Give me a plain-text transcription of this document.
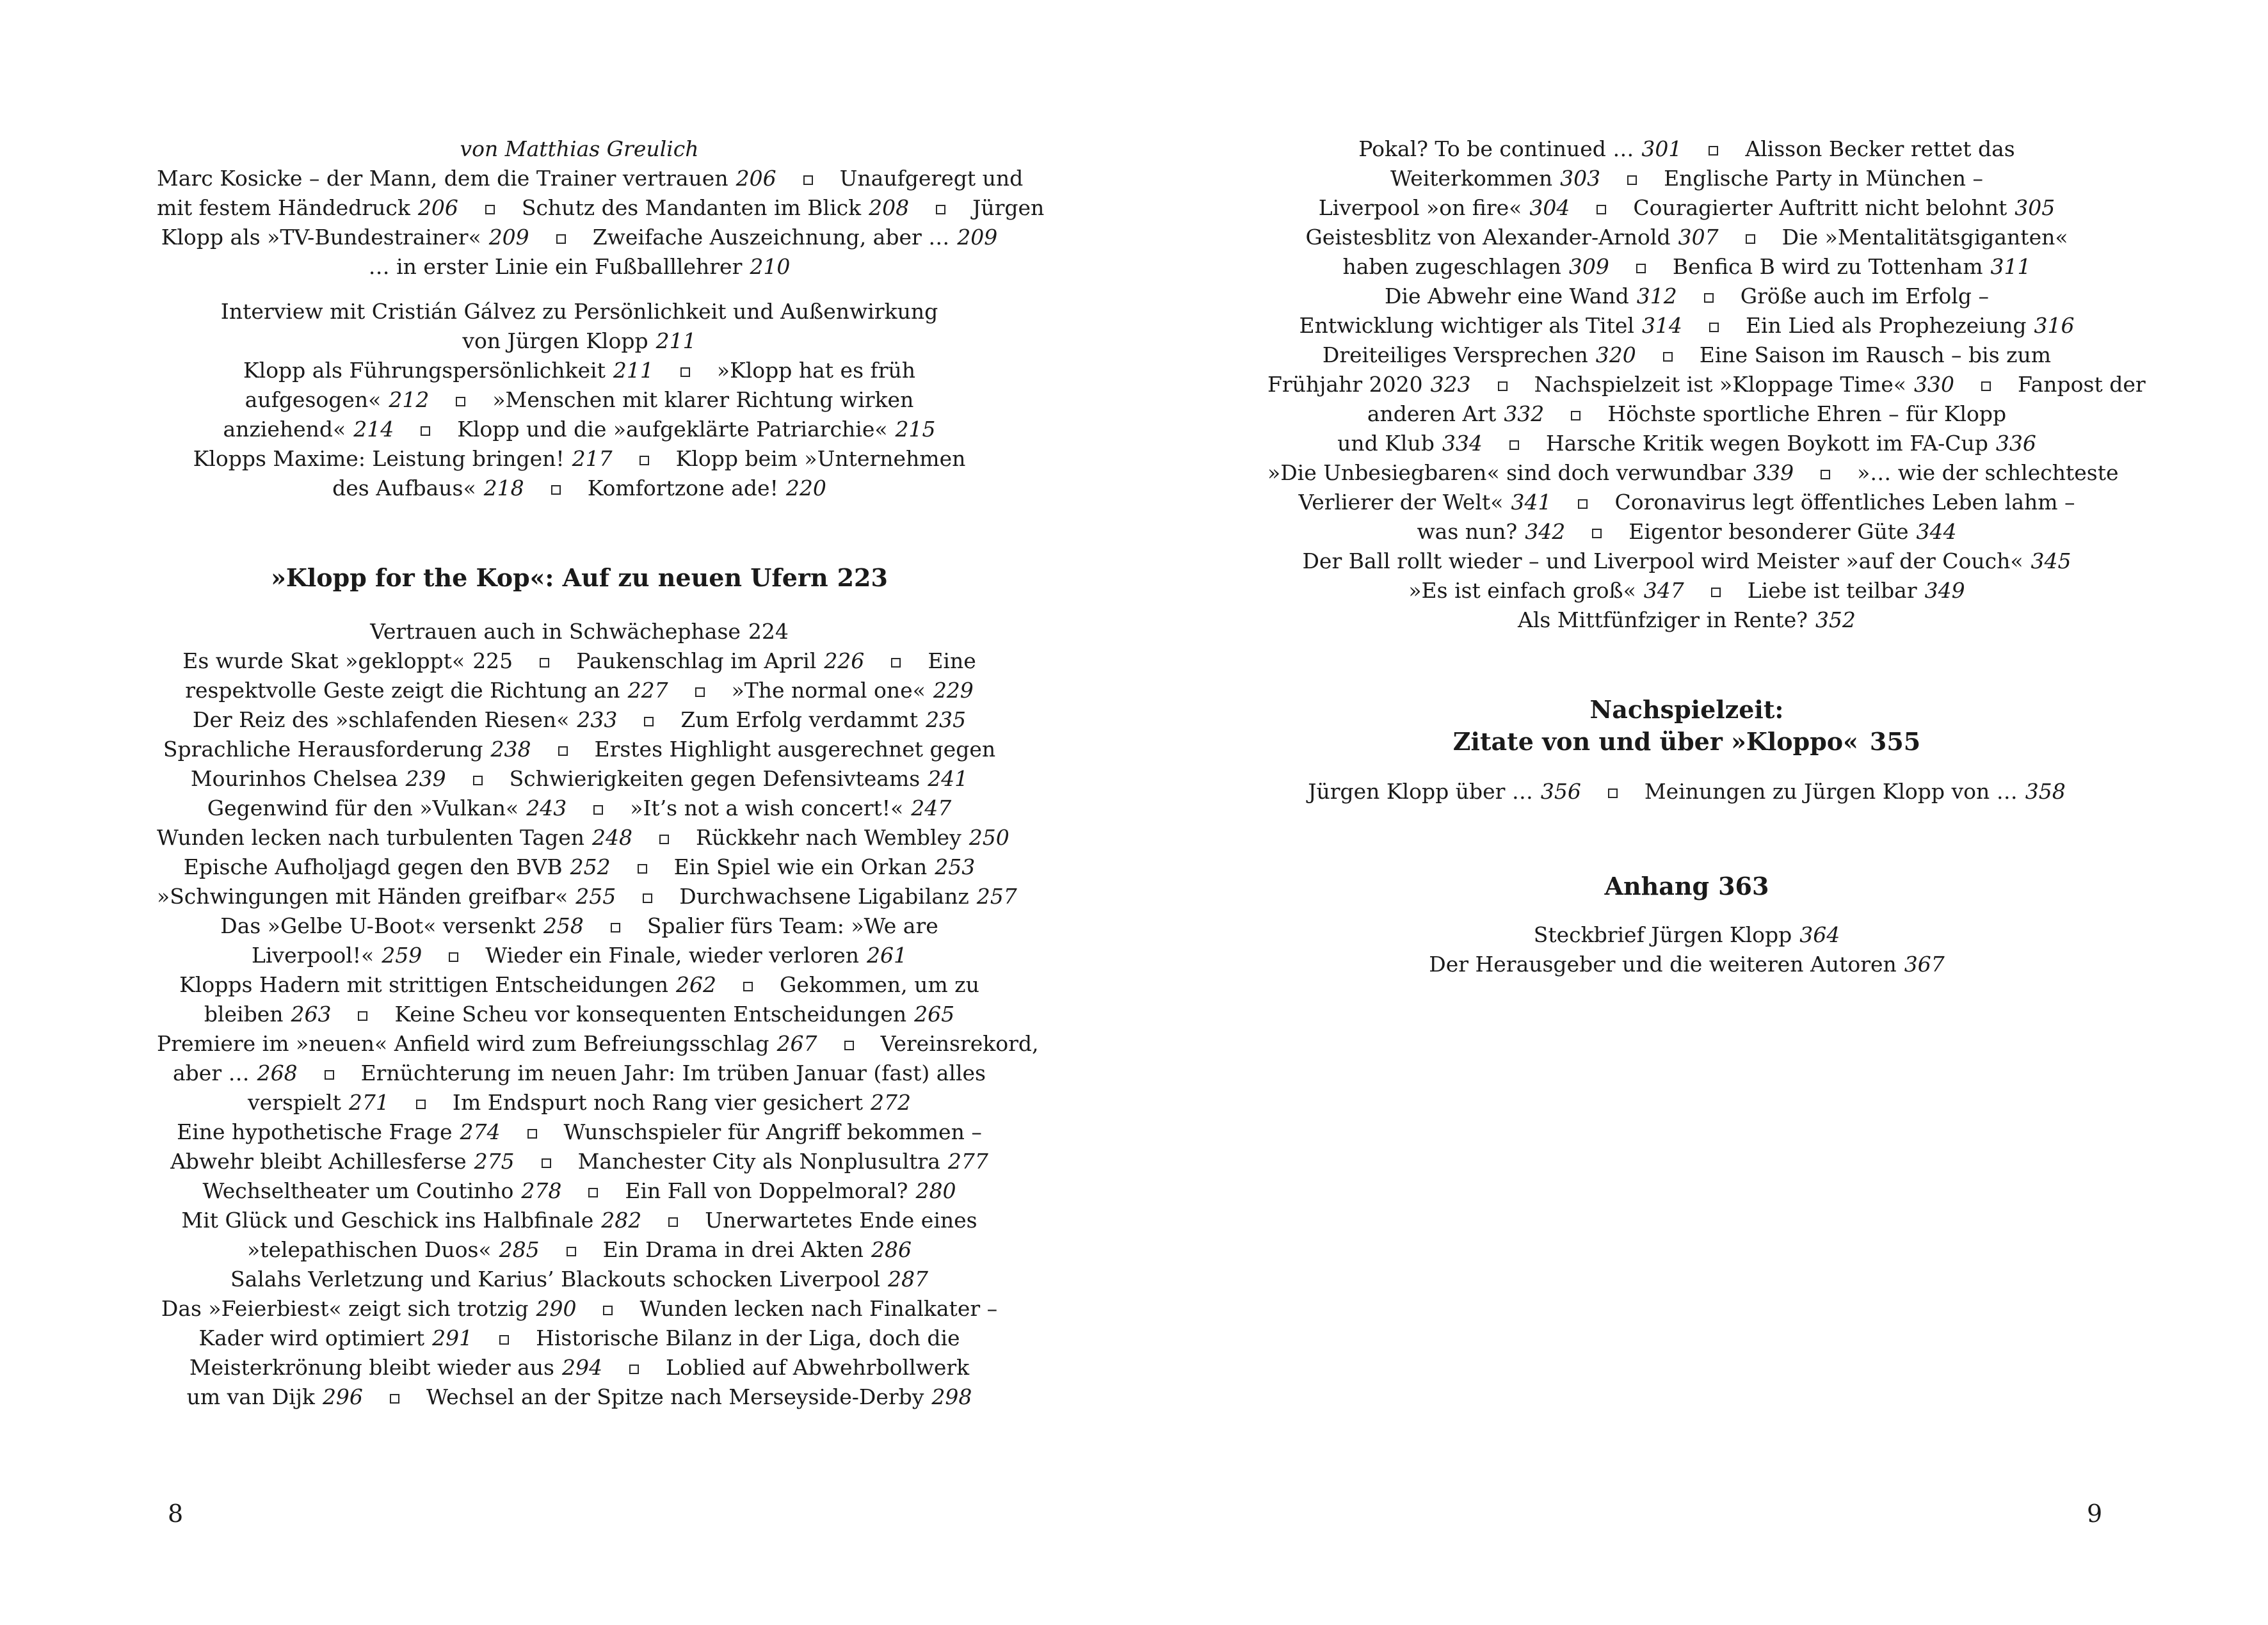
von Matthias Greulich
Marc Kosicke – der Mann, dem die Trainer vertrauen 206	Unaufgeregt und
mit festem Händedruck 206	Schutz des Mandanten im Blick 208	Jürgen
Klopp als »TV-Bundestrainer« 209	Zweifache Auszeichnung, aber … 209
… in erster Linie ein Fußballlehrer 210
Interview mit Cristián Gálvez zu Persönlichkeit und Außenwirkung
von Jürgen Klopp 211
Klopp als Führungspersönlichkeit 211	»Klopp hat es früh
aufgesogen« 212	»Menschen mit klarer Richtung wirken
anziehend« 214	Klopp und die »aufgeklärte Patriarchie« 215
Klopps Maxime: Leistung bringen! 217	Klopp beim »Unternehmen
des Aufbaus« 218	Komfortzone ade! 220
»Klopp for the Kop«: Auf zu neuen Ufern 223
Vertrauen auch in Schwächephase 224
Es wurde Skat »gekloppt« 225	Paukenschlag im April 226	Eine
respektvolle Geste zeigt die Richtung an 227	»The normal one« 229
Der Reiz des »schlafenden Riesen« 233	Zum Erfolg verdammt 235
Sprachliche Herausforderung 238	Erstes Highlight ausgerechnet gegen
Mourinhos Chelsea 239	Schwierigkeiten gegen Defensivteams 241
Gegenwind für den »Vulkan« 243	»It’s not a wish concert!« 247
Wunden lecken nach turbulenten Tagen 248	Rückkehr nach Wembley 250
Epische Aufholjagd gegen den BVB 252	Ein Spiel wie ein Orkan 253
»Schwingungen mit Händen greifbar« 255	Durchwachsene Ligabilanz 257
Das »Gelbe U-Boot« versenkt 258	Spalier fürs Team: »We are
Liverpool!« 259	Wieder ein Finale, wieder verloren 261
Klopps Hadern mit strittigen Entscheidungen 262	Gekommen, um zu
bleiben 263	Keine Scheu vor konsequenten Entscheidungen 265
Premiere im »neuen« Anfield wird zum Befreiungsschlag 267	Vereinsrekord,
aber … 268	Ernüchterung im neuen Jahr: Im trüben Januar (fast) alles
verspielt 271	Im Endspurt noch Rang vier gesichert 272
Eine hypothetische Frage 274	Wunschspieler für Angriff bekommen –
Abwehr bleibt Achillesferse 275	Manchester City als Nonplusultra 277
Wechseltheater um Coutinho 278	Ein Fall von Doppelmoral? 280
Mit Glück und Geschick ins Halbfinale 282	Unerwartetes Ende eines
»telepathischen Duos« 285	Ein Drama in drei Akten 286
Salahs Verletzung und Karius’ Blackouts schocken Liverpool 287
Das »Feierbiest« zeigt sich trotzig 290	Wunden lecken nach Finalkater –
Kader wird optimiert 291	Historische Bilanz in der Liga, doch die
Meisterkrönung bleibt wieder aus 294	Loblied auf Abwehrbollwerk
um van Dijk 296	Wechsel an der Spitze nach Merseyside-Derby 298
Pokal? To be continued … 301	Alisson Becker rettet das
Weiterkommen 303	Englische Party in München –
Liverpool »on fire« 304	Couragierter Auftritt nicht belohnt 305
Geistesblitz von Alexander-Arnold 307	Die »Mentalitätsgiganten«
haben zugeschlagen 309	Benfica B wird zu Tottenham 311
Die Abwehr eine Wand 312	Größe auch im Erfolg –
Entwicklung wichtiger als Titel 314	Ein Lied als Prophezeiung 316
Dreiteiliges Versprechen 320	Eine Saison im Rausch – bis zum
Frühjahr 2020 323	Nachspielzeit ist »Kloppage Time« 330	Fanpost der
anderen Art 332	Höchste sportliche Ehren – für Klopp
und Klub 334	Harsche Kritik wegen Boykott im FA-Cup 336
»Die Unbesiegbaren« sind doch verwundbar 339	»… wie der schlechteste
Verlierer der Welt« 341	Coronavirus legt öffentliches Leben lahm –
was nun? 342	Eigentor besonderer Güte 344
Der Ball rollt wieder – und Liverpool wird Meister »auf der Couch« 345
»Es ist einfach groß« 347	Liebe ist teilbar 349
Als Mittfünfziger in Rente? 352
Nachspielzeit:
Zitate von und über »Kloppo« 355
Jürgen Klopp über … 356	Meinungen zu Jürgen Klopp von … 358
Anhang 363
Steckbrief Jürgen Klopp 364
Der Herausgeber und die weiteren Autoren 367
8	9
